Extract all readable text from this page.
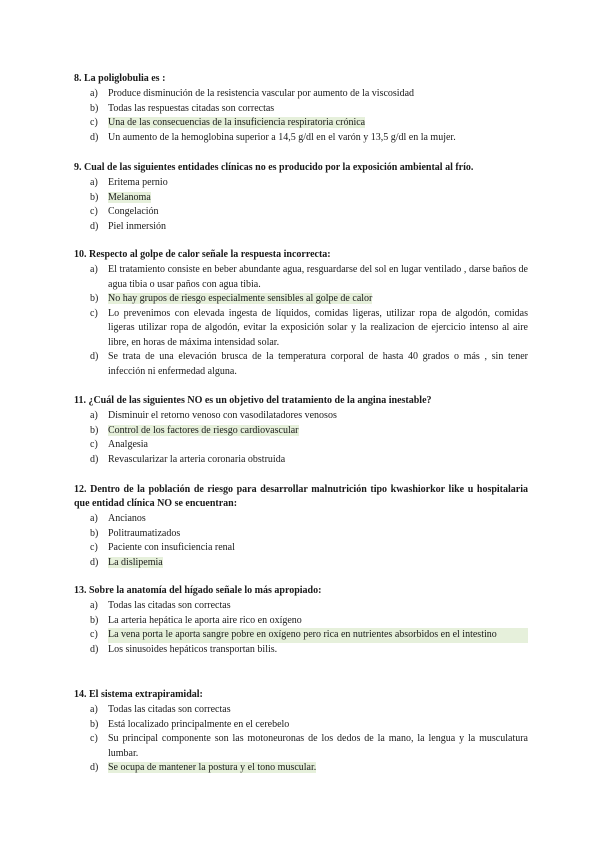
8. La poliglobulia es :
a) Produce disminución de la resistencia vascular por aumento de la viscosidad
b) Todas las respuestas citadas son correctas
c) Una de las consecuencias de la insuficiencia respiratoria crónica
d) Un aumento de la hemoglobina superior a 14,5 g/dl en el varón y 13,5 g/dl en la mujer.
9. Cual de las siguientes entidades clínicas no es producido por la exposición ambiental al frío.
a) Eritema pernio
b) Melanoma
c) Congelación
d) Piel inmersión
10. Respecto al golpe de calor señale la respuesta incorrecta:
a) El tratamiento consiste en beber abundante agua, resguardarse del sol en lugar ventilado , darse baños de agua tibia o usar paños con agua tibia.
b) No hay grupos de riesgo especialmente sensibles al golpe de calor
c) Lo prevenimos con elevada ingesta de líquidos, comidas ligeras, utilizar ropa de algodón, comidas ligeras utilizar ropa de algodón, evitar la exposición solar y la realizacion de ejercicio intenso al aire libre, en horas de máxima intensidad solar.
d) Se trata de una elevación brusca de la temperatura corporal de hasta 40 grados o más , sin tener infección ni enfermedad alguna.
11. ¿Cuál de las siguientes NO es un objetivo del tratamiento de la angina inestable?
a) Disminuir el retorno venoso con vasodilatadores venosos
b) Control de los factores de riesgo cardiovascular
c) Analgesia
d) Revascularizar la arteria coronaria obstruida
12. Dentro de la población de riesgo para desarrollar malnutrición tipo kwashiorkor like u hospitalaria que entidad clínica NO se encuentran:
a) Ancianos
b) Politraumatizados
c) Paciente con insuficiencia renal
d) La dislipemia
13. Sobre la anatomía del hígado señale lo más apropiado:
a) Todas las citadas son correctas
b) La arteria hepática le aporta aire rico en oxígeno
c) La vena porta le aporta sangre pobre en oxígeno pero rica en nutrientes absorbidos en el intestino
d) Los sinusoides hepáticos transportan bilis.
14. El sistema extrapiramidal:
a) Todas las citadas son correctas
b) Está localizado principalmente en el cerebelo
c) Su principal componente son las motoneuronas de los dedos de la mano, la lengua y la musculatura lumbar.
d) Se ocupa de mantener la postura y el tono muscular.
